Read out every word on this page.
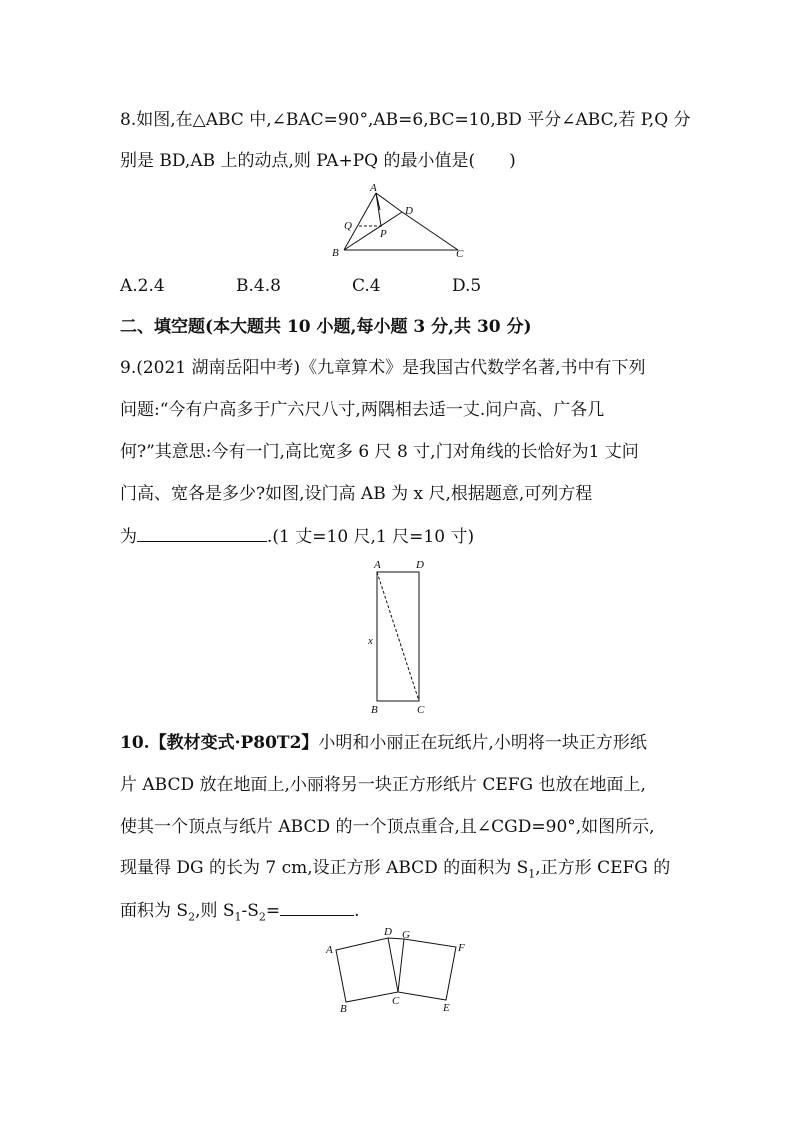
8.如图,在△ABC 中,∠BAC=90°,AB=6,BC=10,BD 平分∠ABC,若 P,Q 分
别是 BD,AB 上的动点,则 PA+PQ 的最小值是(  )
A
B	C
D
P
Q
A.2.4	B.4.8	C.4	D.5
二、填空题(本大题共 10 小题,每小题 3 分,共 30 分)
9.(2021 湖南岳阳中考)《九章算术》是我国古代数学名著,书中有下列
问题:“今有户高多于广六尺八寸,两隅相去适一丈.问户高、广各几
何?”其意思:今有一门,高比宽多 6 尺 8 寸,门对角线的长恰好为1 丈问
门高、宽各是多少?如图,设门高 AB 为 x 尺,根据题意,可列方程
为	.(1 丈=10 尺,1 尺=10 寸)
A	D
B	C
x
10.【教材变式·P80T2】小明和小丽正在玩纸片,小明将一块正方形纸
片 ABCD 放在地面上,小丽将另一块正方形纸片 CEFG 也放在地面上,
使其一个顶点与纸片 ABCD 的一个顶点重合,且∠CGD=90°,如图所示,
现量得 DG 的长为 7 cm,设正方形 ABCD 的面积为 $S_1$,正方形 CEFG 的
面积为 $S_2$,则 $S_1-S_2=$	.
A
D G
F
B
C
E
